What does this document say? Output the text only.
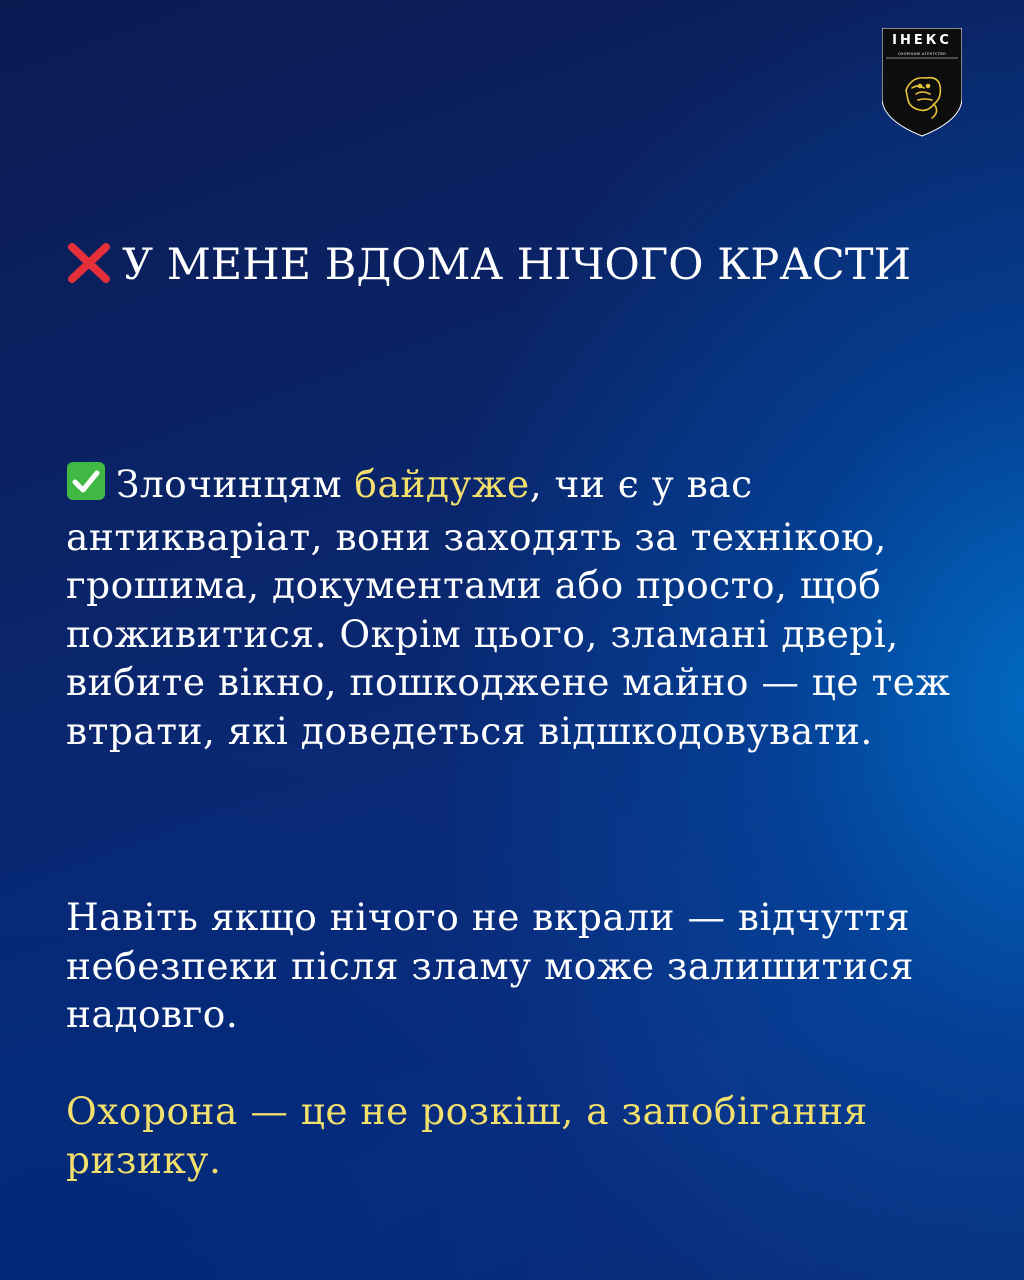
ІНЕКС
ОХОРОННЕ АГЕНТСТВО
У МЕНЕ ВДОМА НІЧОГО КРАСТИ

Злочинцям байдуже, чи є у вас антикваріат, вони заходять за технікою, грошима, документами або просто, щоб поживитися. Окрім цього, зламані двері, вибите вікно, пошкоджене майно — це теж втрати, які доведеться відшкодовувати.

Навіть якщо нічого не вкрали — відчуття небезпеки після зламу може залишитися надовго.

Охорона — це не розкіш, а запобігання ризику.
